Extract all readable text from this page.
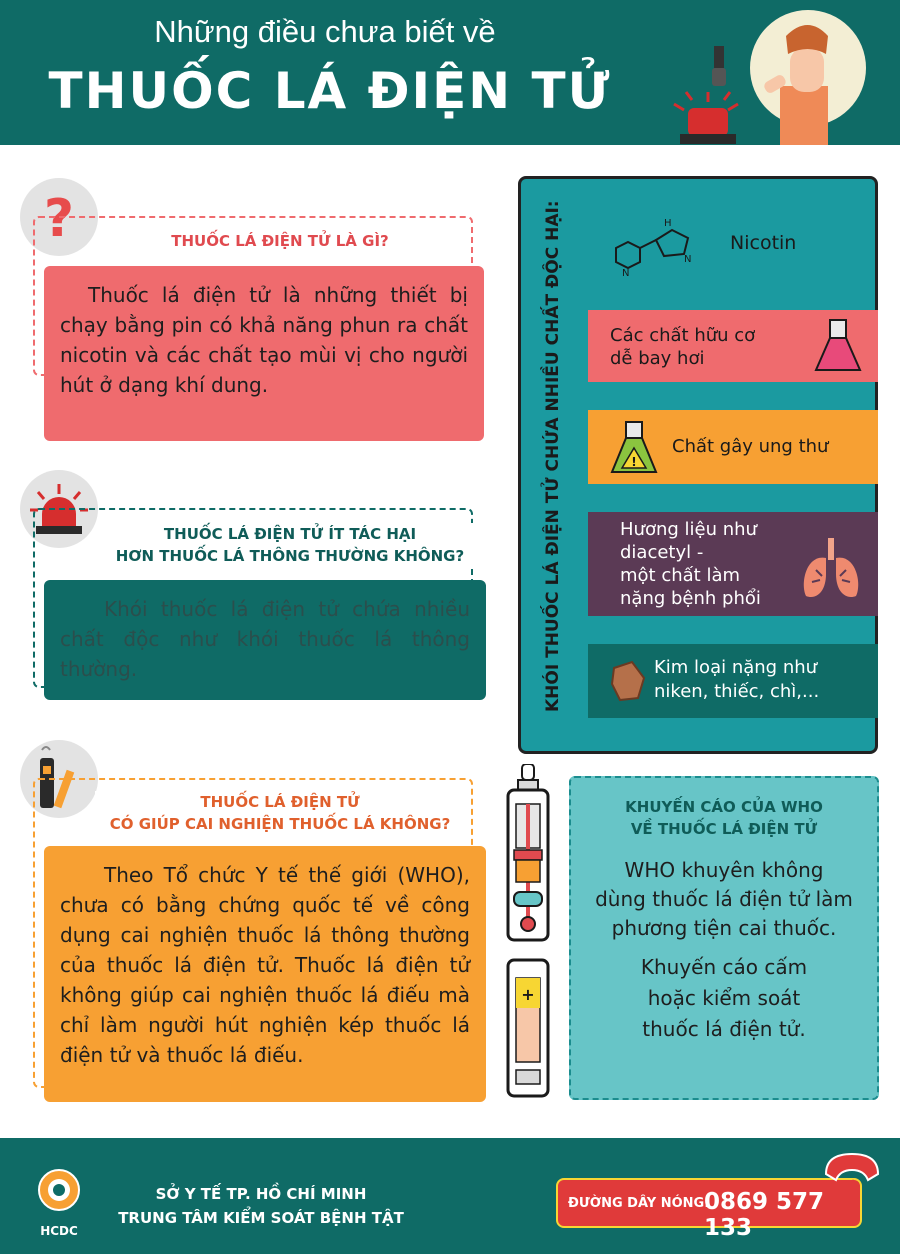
Những điều chưa biết về
THUỐC LÁ ĐIỆN TỬ
?	THUỐC LÁ ĐIỆN TỬ LÀ GÌ?
Thuốc lá điện tử là những thiết bị chạy bằng pin có khả năng phun ra chất nicotin và các chất tạo mùi vị cho người hút ở dạng khí dung.
THUỐC LÁ ĐIỆN TỬ ÍT TÁC HẠI
HƠN THUỐC LÁ THÔNG THƯỜNG KHÔNG?
Khói thuốc lá điện tử chứa nhiều chất độc như khói thuốc lá thông thường.
THUỐC LÁ ĐIỆN TỬ
CÓ GIÚP CAI NGHIỆN THUỐC LÁ KHÔNG?
Theo Tổ chức Y tế thế giới (WHO), chưa có bằng chứng quốc tế về công dụng cai nghiện thuốc lá thông thường của thuốc lá điện tử. Thuốc lá điện tử không giúp cai nghiện thuốc lá điếu mà chỉ làm người hút nghiện kép thuốc lá điện tử và thuốc lá điếu.
KHÓI THUỐC LÁ ĐIỆN TỬ CHỨA NHIỀU CHẤT ĐỘC HẠI:	N
N
H
Nicotin
Các chất hữu cơ
dễ bay hơi
!
Chất gây ung thư
Hương liệu như
diacetyl -
một chất làm
nặng bệnh phổi
Kim loại nặng như
niken, thiếc, chì,...
+
KHUYẾN CÁO CỦA WHO
VỀ THUỐC LÁ ĐIỆN TỬ
WHO khuyên không
dùng thuốc lá điện tử làm
phương tiện cai thuốc.
Khuyến cáo cấm
hoặc kiểm soát
thuốc lá điện tử.
HCDC
SỞ Y TẾ TP. HỒ CHÍ MINH
TRUNG TÂM KIỂM SOÁT BỆNH TẬT
ĐƯỜNG DÂY NÓNG:
0869 577 133
